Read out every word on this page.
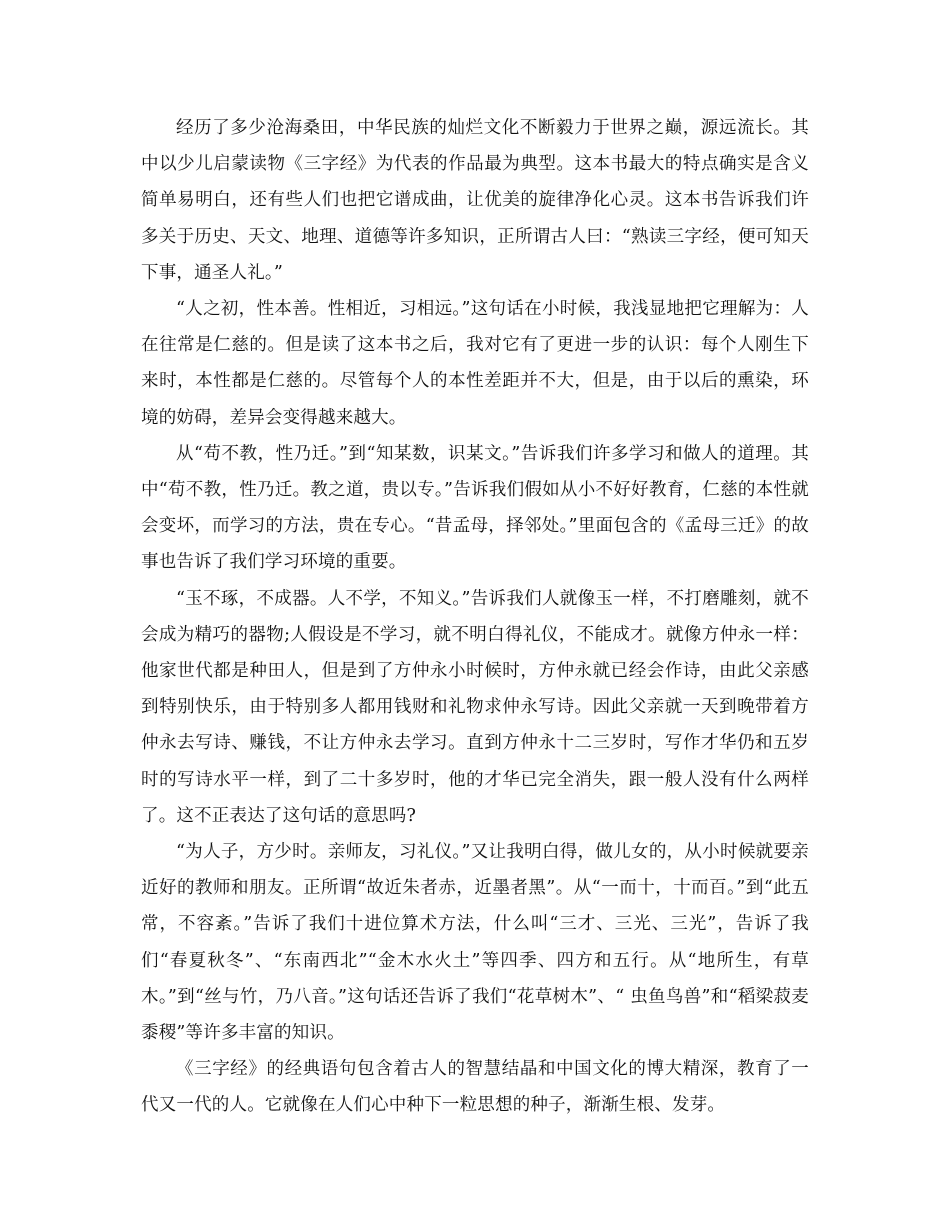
经历了多少沧海桑田，中华民族的灿烂文化不断毅力于世界之巅，源远流长。其中以少儿启蒙读物《三字经》为代表的作品最为典型。这本书最大的特点确实是含义简单易明白，还有些人们也把它谱成曲，让优美的旋律净化心灵。这本书告诉我们许多关于历史、天文、地理、道德等许多知识，正所谓古人曰：“熟读三字经，便可知天下事，通圣人礼。”

“人之初，性本善。性相近，习相远。”这句话在小时候，我浅显地把它理解为：人在往常是仁慈的。但是读了这本书之后，我对它有了更进一步的认识：每个人刚生下来时，本性都是仁慈的。尽管每个人的本性差距并不大，但是，由于以后的熏染，环境的妨碍，差异会变得越来越大。

从“苟不教，性乃迁。”到“知某数，识某文。”告诉我们许多学习和做人的道理。其中“苟不教，性乃迁。教之道，贵以专。”告诉我们假如从小不好好教育，仁慈的本性就会变坏，而学习的方法，贵在专心。“昔孟母，择邻处。”里面包含的《孟母三迁》的故事也告诉了我们学习环境的重要。

“玉不琢，不成器。人不学，不知义。”告诉我们人就像玉一样，不打磨雕刻，就不会成为精巧的器物;人假设是不学习，就不明白得礼仪，不能成才。就像方仲永一样：他家世代都是种田人，但是到了方仲永小时候时，方仲永就已经会作诗，由此父亲感到特别快乐，由于特别多人都用钱财和礼物求仲永写诗。因此父亲就一天到晚带着方仲永去写诗、赚钱，不让方仲永去学习。直到方仲永十二三岁时，写作才华仍和五岁时的写诗水平一样，到了二十多岁时，他的才华已完全消失，跟一般人没有什么两样了。这不正表达了这句话的意思吗?

“为人子，方少时。亲师友，习礼仪。”又让我明白得，做儿女的，从小时候就要亲近好的教师和朋友。正所谓“故近朱者赤，近墨者黑”。从“一而十，十而百。”到“此五常，不容紊。”告诉了我们十进位算术方法，什么叫“三才、三光、三光”，告诉了我们“春夏秋冬”、“东南西北”“金木水火土”等四季、四方和五行。从“地所生，有草木。”到“丝与竹，乃八音。”这句话还告诉了我们“花草树木”、“ 虫鱼鸟兽”和“稻梁菽麦黍稷”等许多丰富的知识。

《三字经》的经典语句包含着古人的智慧结晶和中国文化的博大精深，教育了一代又一代的人。它就像在人们心中种下一粒思想的种子，渐渐生根、发芽。
